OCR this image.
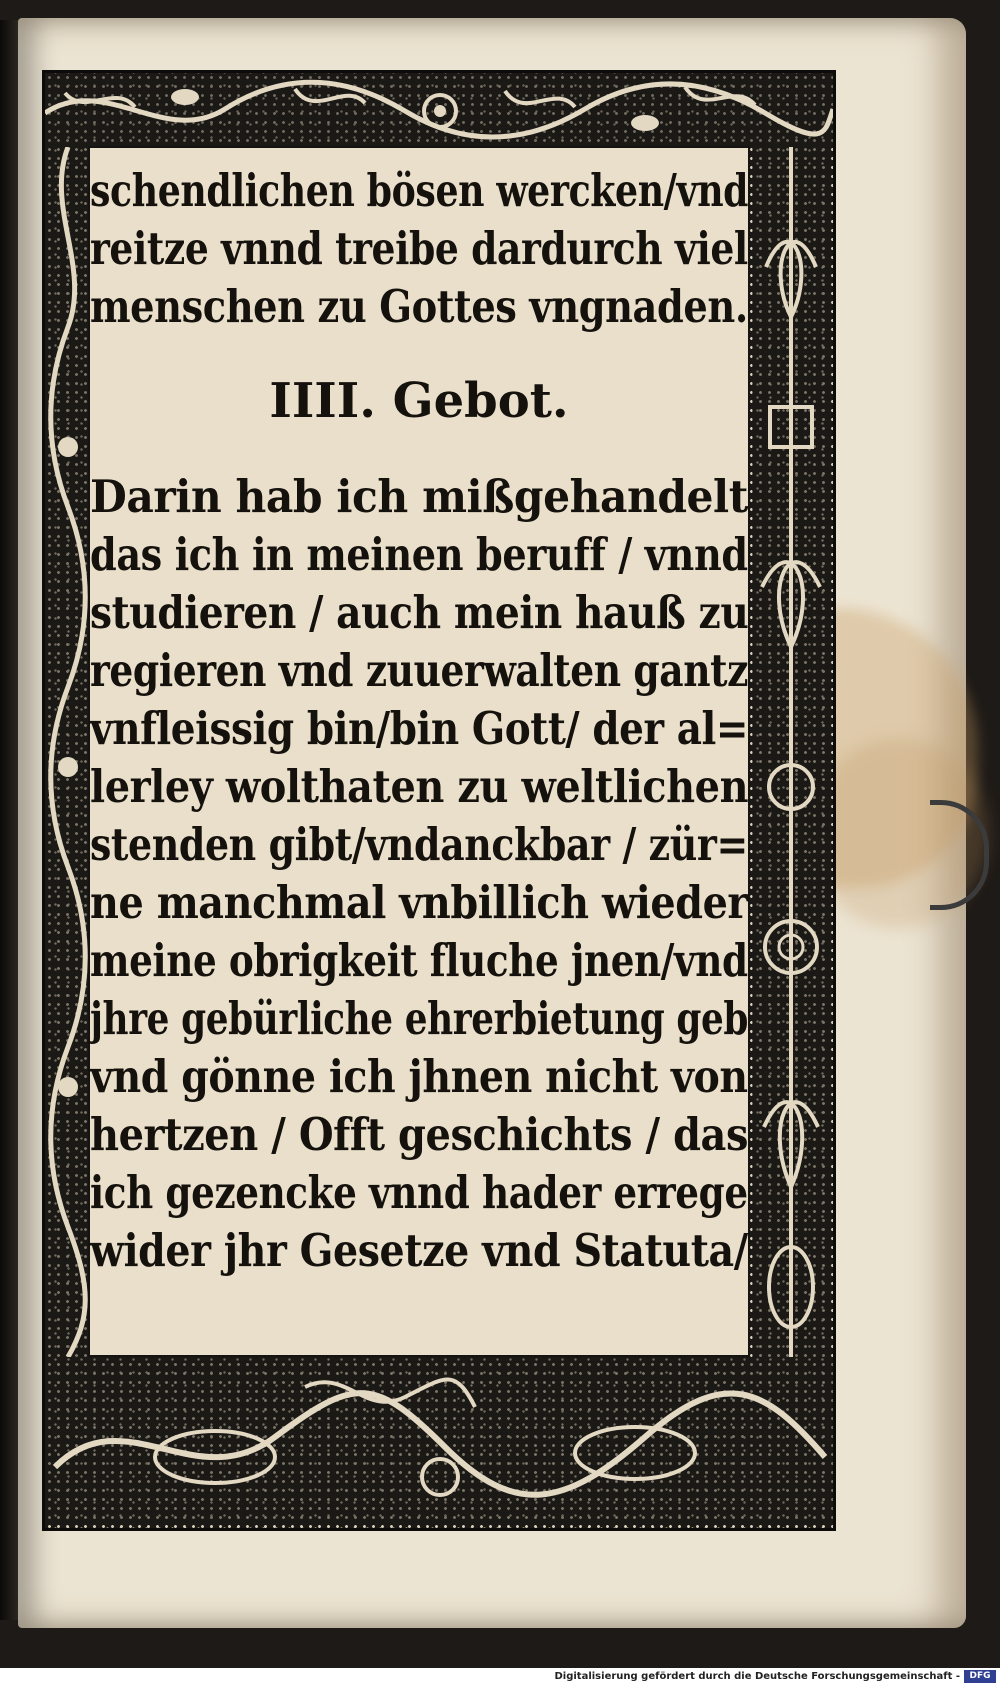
schendlichen bösen wercken/vnd
reitze vnnd treibe dardurch viel
menschen zu Gottes vngnaden.
IIII. Gebot.
Darin hab ich mißgehandelt
das ich in meinen beruff / vnnd
studieren / auch mein hauß zu
regieren vnd zuuerwalten gantz
vnfleissig bin/bin Gott/ der al=
lerley wolthaten zu weltlichen
stenden gibt/vndanckbar / zür=
ne manchmal vnbillich wieder
meine obrigkeit fluche jnen/vnd
jhre gebürliche ehrerbietung geb
vnd gönne ich jhnen nicht von
hertzen / Offt geschichts / das
ich gezencke vnnd hader errege
wider jhr Gesetze vnd Statuta/
Digitalisierung gefördert durch die Deutsche Forschungsgemeinschaft -	DFG
